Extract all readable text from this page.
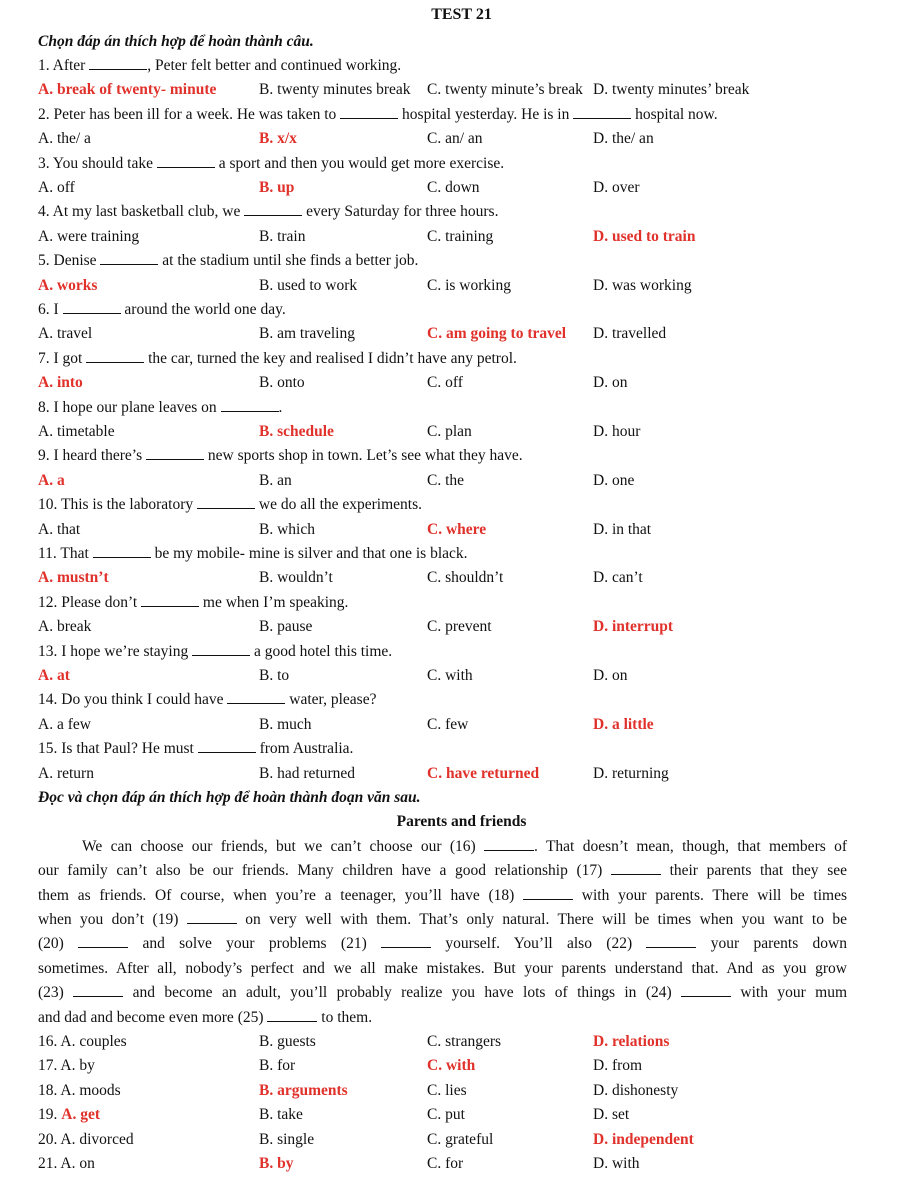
TEST 21
Chọn đáp án thích hợp để hoàn thành câu.
1. After	, Peter felt better and continued working.
A. break of twenty- minute	B. twenty minutes break C. twenty minute’s break D. twenty minutes’ break
2. Peter has been ill for a week. He was taken to	hospital yesterday. He is in	hospital now.
A. the/ a	B. x/x	C. an/ an	D. the/ an
3. You should take	a sport and then you would get more exercise.
A. off	B. up	C. down	D. over
4. At my last basketball club, we	every Saturday for three hours.
A. were training	B. train	C. training	D. used to train
5. Denise	at the stadium until she finds a better job.
A. works	B. used to work	C. is working	D. was working
6. I	around the world one day.
A. travel	B. am traveling	C. am going to travel D. travelled
7. I got	the car, turned the key and realised I didn’t have any petrol.
A. into	B. onto	C. off	D. on
8. I hope our plane leaves on	.
A. timetable	B. schedule	C. plan	D. hour
9. I heard there’s	new sports shop in town. Let’s see what they have.
A. a	B. an	C. the	D. one
10. This is the laboratory	we do all the experiments.
A. that	B. which	C. where	D. in that
11. That	be my mobile- mine is silver and that one is black.
A. mustn’t	B. wouldn’t	C. shouldn’t	D. can’t
12. Please don’t	me when I’m speaking.
A. break	B. pause	C. prevent	D. interrupt
13. I hope we’re staying	a good hotel this time.
A. at	B. to	C. with	D. on
14. Do you think I could have	water, please?
A. a few	B. much	C. few	D. a little
15. Is that Paul? He must	from Australia.
A. return	B. had returned	C. have returned	D. returning
Đọc và chọn đáp án thích hợp để hoàn thành đoạn văn sau.
Parents and friends
We can choose our friends, but we can’t choose our (16)	. That doesn’t mean, though, that members of
our family can’t also be our friends. Many children have a good relationship (17)	their parents that they see
them as friends. Of course, when you’re a teenager, you’ll have (18)	with your parents. There will be times
when you don’t (19)	on very well with them. That’s only natural. There will be times when you want to be
(20)	and solve your problems (21)	yourself. You’ll also (22)	your parents down
sometimes. After all, nobody’s perfect and we all make mistakes. But your parents understand that. And as you grow
(23)	and become an adult, you’ll probably realize you have lots of things in (24)	with your mum
and dad and become even more (25)	to them.
16. A. couples	B. guests	C. strangers	D. relations
17. A. by	B. for	C. with	D. from
18. A. moods	B. arguments	C. lies	D. dishonesty
19. A. get	B. take	C. put	D. set
20. A. divorced	B. single	C. grateful	D. independent
21. A. on	B. by	C. for	D. with
